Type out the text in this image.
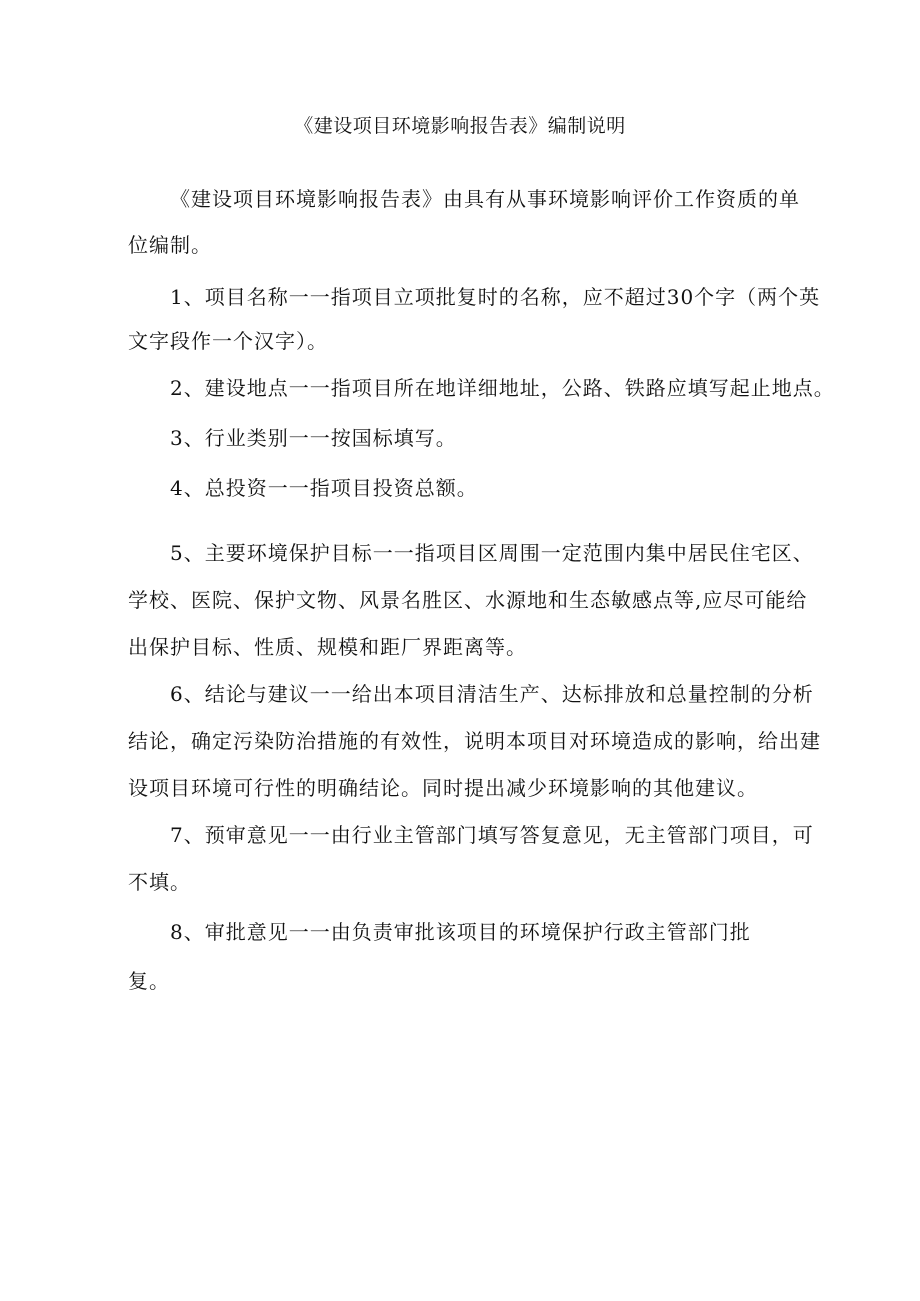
《建设项目环境影响报告表》编制说明
《建设项目环境影响报告表》由具有从事环境影响评价工作资质的单
位编制。
1、项目名称一一指项目立项批复时的名称，应不超过30个字（两个英
文字段作一个汉字）。
2、建设地点一一指项目所在地详细地址，公路、铁路应填写起止地点。
3、行业类别一一按国标填写。
4、总投资一一指项目投资总额。
5、主要环境保护目标一一指项目区周围一定范围内集中居民住宅区、
学校、医院、保护文物、风景名胜区、水源地和生态敏感点等,应尽可能给
出保护目标、性质、规模和距厂界距离等。
6、结论与建议一一给出本项目清洁生产、达标排放和总量控制的分析
结论，确定污染防治措施的有效性，说明本项目对环境造成的影响，给出建
设项目环境可行性的明确结论。同时提出减少环境影响的其他建议。
7、预审意见一一由行业主管部门填写答复意见，无主管部门项目，可
不填。
8、审批意见一一由负责审批该项目的环境保护行政主管部门批
复。
